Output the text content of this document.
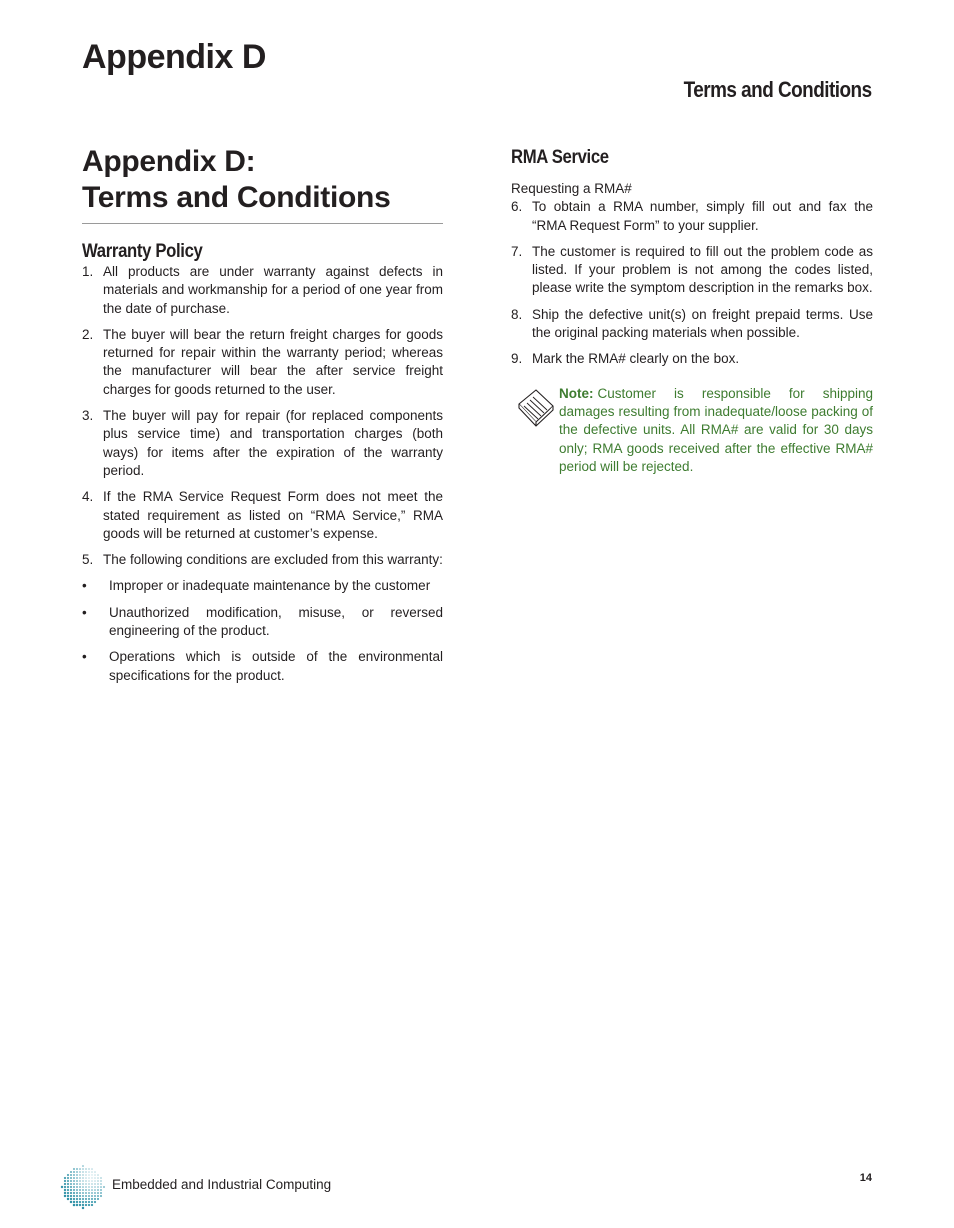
Appendix D
Terms and Conditions
Appendix D:
Terms and Conditions
Warranty Policy
1. All products are under warranty against defects in materials and workmanship for a period of one year from the date of purchase.
2. The buyer will bear the return freight charges for goods returned for repair within the warranty period; whereas the manufacturer will bear the after service freight charges for goods returned to the user.
3. The buyer will pay for repair (for replaced components plus service time) and transportation charges (both ways) for items after the expiration of the warranty period.
4. If the RMA Service Request Form does not meet the stated requirement as listed on “RMA Service,” RMA goods will be returned at customer’s expense.
5. The following conditions are excluded from this warranty:
• Improper or inadequate maintenance by the customer
• Unauthorized modification, misuse, or reversed engineering of the product.
• Operations which is outside of the environmental specifications for the product.
RMA Service

Requesting a RMA#

6. To obtain a RMA number, simply fill out and fax the “RMA Request Form” to your supplier.
7. The customer is required to fill out the problem code as listed. If your problem is not among the codes listed, please write the symptom description in the remarks box.
8. Ship the defective unit(s) on freight prepaid terms. Use the original packing materials when possible.
9. Mark the RMA# clearly on the box.

Note: Customer is responsible for shipping damages resulting from inadequate/loose packing of the defective units. All RMA# are valid for 30 days only; RMA goods received after the effective RMA# period will be rejected.

Embedded and Industrial Computing	14
